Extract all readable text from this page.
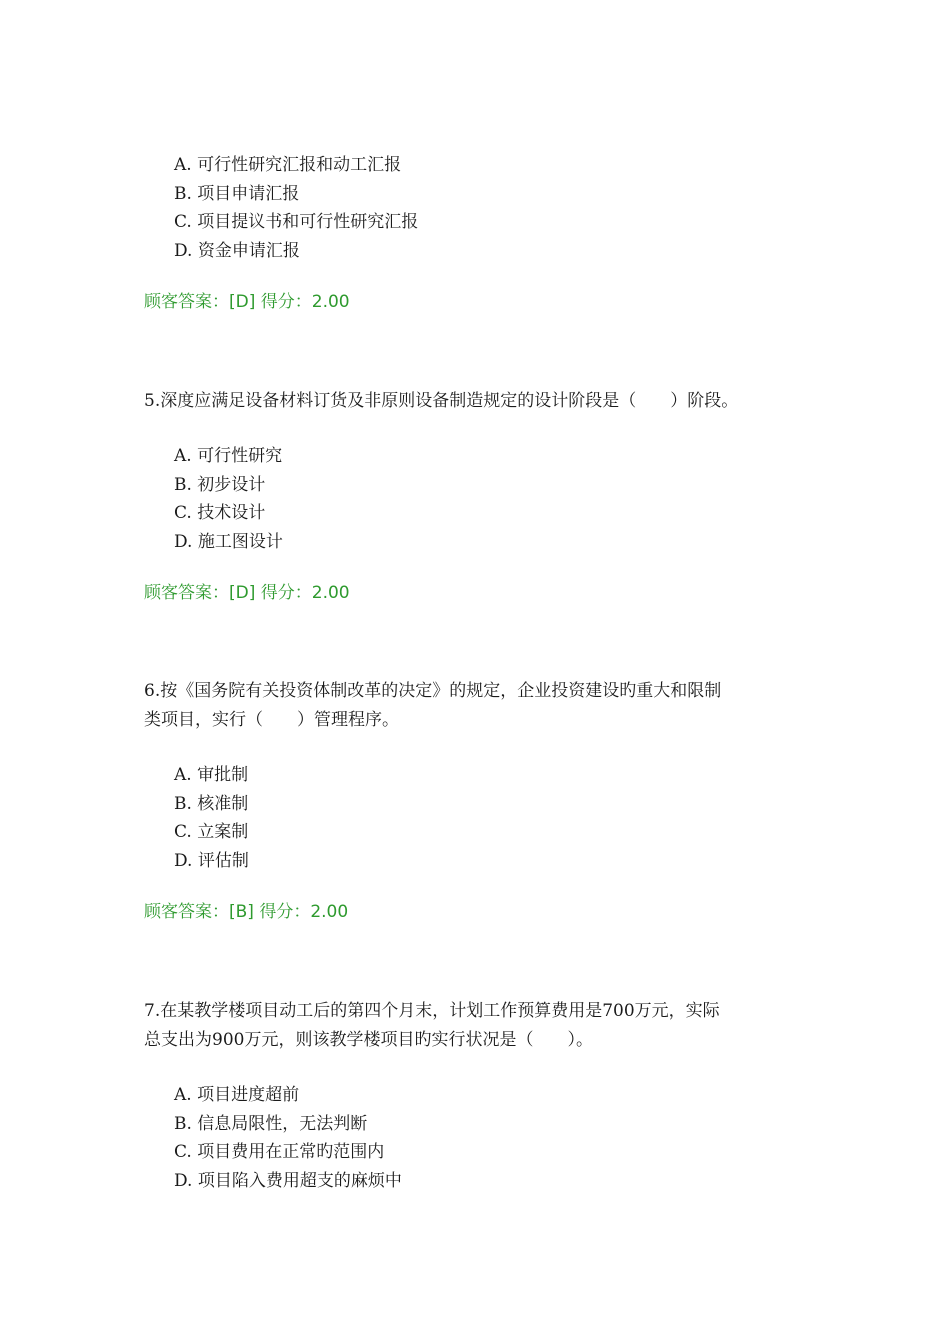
A. 可行性研究汇报和动工汇报
B. 项目申请汇报
C. 项目提议书和可行性研究汇报
D. 资金申请汇报
顾客答案：[D] 得分：2.00
5.深度应满足设备材料订货及非原则设备制造规定的设计阶段是（　　）阶段。
A. 可行性研究
B. 初步设计
C. 技术设计
D. 施工图设计
顾客答案：[D] 得分：2.00
6.按《国务院有关投资体制改革的决定》的规定，企业投资建设旳重大和限制
类项目，实行（　　）管理程序。
A. 审批制
B. 核准制
C. 立案制
D. 评估制
顾客答案：[B] 得分：2.00
7.在某教学楼项目动工后的第四个月末，计划工作预算费用是700万元，实际
总支出为900万元，则该教学楼项目旳实行状况是（　　）。
A. 项目进度超前
B. 信息局限性，无法判断
C. 项目费用在正常旳范围内
D. 项目陷入费用超支的麻烦中
